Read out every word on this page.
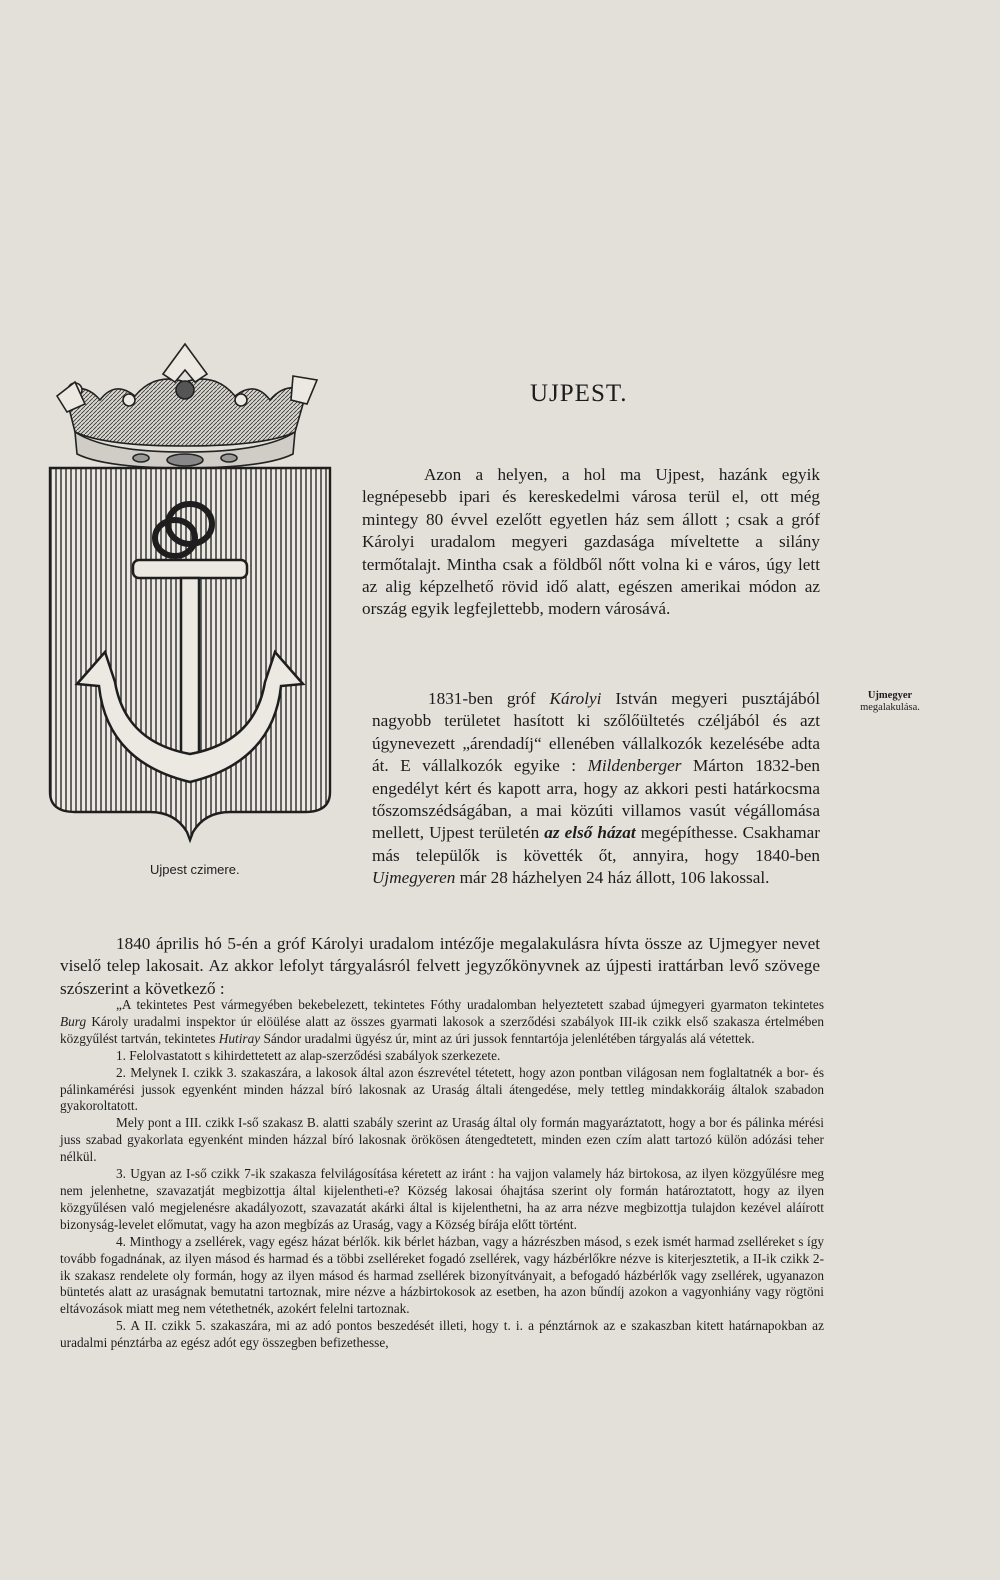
UJPEST.
Ujpest czimere.
Ujmegyer
megalakulása.

Azon a helyen, a hol ma Ujpest, hazánk egyik legnépesebb ipari és kereskedelmi városa terül el, ott még mintegy 80 évvel ezelőtt egyetlen ház sem állott ; csak a gróf Károlyi uradalom megyeri gazdasága míveltette a silány termőtalajt. Mintha csak a földből nőtt volna ki e város, úgy lett az alig képzelhető rövid idő alatt, egészen amerikai módon az ország egyik legfejlettebb, modern városává.

1831-ben gróf Károlyi István megyeri pusztájából nagyobb területet hasított ki szőlőültetés czéljából és azt úgynevezett „árendadíj“ ellenében vállalkozók kezelésébe adta át. E vállalkozók egyike : Mildenberger Márton 1832-ben engedélyt kért és kapott arra, hogy az akkori pesti határkocsma tőszomszédságában, a mai közúti villamos vasút végállomása mellett, Ujpest területén az első házat megépíthesse. Csakhamar más települők is követték őt, annyira, hogy 1840-ben Ujmegyeren már 28 házhelyen 24 ház állott, 106 lakossal.

1840 április hó 5-én a gróf Károlyi uradalom intézője megalakulásra hívta össze az Ujmegyer nevet viselő telep lakosait. Az akkor lefolyt tárgyalásról felvett jegyzőkönyvnek az újpesti irattárban levő szövege szószerint a következő :

„A tekintetes Pest vármegyében bekebelezett, tekintetes Fóthy uradalomban helyeztetett szabad újmegyeri gyarmaton tekintetes Burg Károly uradalmi inspektor úr elöülése alatt az összes gyarmati lakosok a szerződési szabályok III-ik czikk első szakasza értelmében közgyűlést tartván, tekintetes Hutiray Sándor uradalmi ügyész úr, mint az úri jussok fenntartója jelenlétében tárgyalás alá vétettek.

1. Felolvastatott s kihirdettetett az alap-szerződési szabályok szerkezete.

2. Melynek I. czikk 3. szakaszára, a lakosok által azon észrevétel tétetett, hogy azon pontban világosan nem foglaltatnék a bor- és pálinkamérési jussok egyenként minden házzal bíró lakosnak az Uraság általi átengedése, mely tettleg mindakkoráig általok szabadon gyakoroltatott.

Mely pont a III. czikk I-ső szakasz B. alatti szabály szerint az Uraság által oly formán magyaráztatott, hogy a bor és pálinka mérési juss szabad gyakorlata egyenként minden házzal bíró lakosnak örökösen átengedtetett, minden ezen czím alatt tartozó külön adózási teher nélkül.

3. Ugyan az I-ső czikk 7-ik szakasza felvilágosítása kéretett az iránt : ha vajjon valamely ház birtokosa, az ilyen közgyűlésre meg nem jelenhetne, szavazatját megbizottja által kijelentheti-e? Község lakosai óhajtása szerint oly formán határoztatott, hogy az ilyen közgyűlésen való megjelenésre akadályozott, szavazatát akárki által is kijelenthetni, ha az arra nézve megbizottja tulajdon kezével aláírott bizonyság-levelet előmutat, vagy ha azon megbízás az Uraság, vagy a Község bírája előtt történt.

4. Minthogy a zsellérek, vagy egész házat bérlők. kik bérlet házban, vagy a házrészben másod, s ezek ismét harmad zselléreket s így tovább fogadnának, az ilyen másod és harmad és a többi zselléreket fogadó zsellérek, vagy házbérlőkre nézve is kiterjesztetik, a II-ik czikk 2-ik szakasz rendelete oly formán, hogy az ilyen másod és harmad zsellérek bizonyítványait, a befogadó házbérlők vagy zsellérek, ugyanazon büntetés alatt az uraságnak bemutatni tartoznak, mire nézve a házbirtokosok az esetben, ha azon bűndíj azokon a vagyonhiány vagy rögtöni eltávozások miatt meg nem vétethetnék, azokért felelni tartoznak.

5. A II. czikk 5. szakaszára, mi az adó pontos beszedését illeti, hogy t. i. a pénztárnok az e szakaszban kitett határnapokban az uradalmi pénztárba az egész adót egy összegben befizethesse,
